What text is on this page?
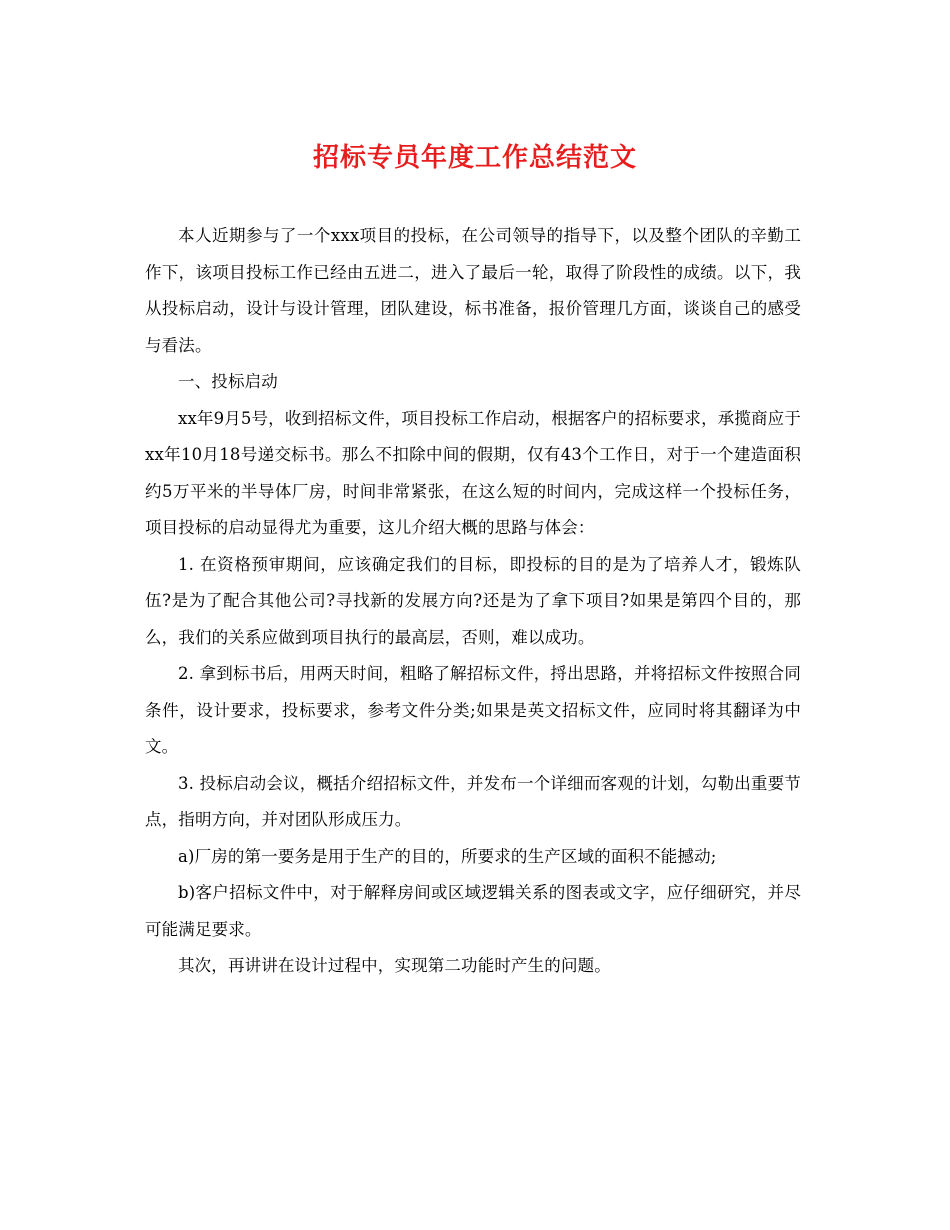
招标专员年度工作总结范文

本人近期参与了一个xxx项目的投标，在公司领导的指导下，以及整个团队的辛勤工作下，该项目投标工作已经由五进二，进入了最后一轮，取得了阶段性的成绩。以下，我从投标启动，设计与设计管理，团队建设，标书准备，报价管理几方面，谈谈自己的感受与看法。

一、投标启动

xx年9月5号，收到招标文件，项目投标工作启动，根据客户的招标要求，承揽商应于xx年10月18号递交标书。那么不扣除中间的假期，仅有43个工作日，对于一个建造面积约5万平米的半导体厂房，时间非常紧张，在这么短的时间内，完成这样一个投标任务，项目投标的启动显得尤为重要，这儿介绍大概的思路与体会：

1. 在资格预审期间，应该确定我们的目标，即投标的目的是为了培养人才，锻炼队伍?是为了配合其他公司?寻找新的发展方向?还是为了拿下项目?如果是第四个目的，那么，我们的关系应做到项目执行的最高层，否则，难以成功。

2. 拿到标书后，用两天时间，粗略了解招标文件，捋出思路，并将招标文件按照合同条件，设计要求，投标要求，参考文件分类;如果是英文招标文件，应同时将其翻译为中文。

3. 投标启动会议，概括介绍招标文件，并发布一个详细而客观的计划，勾勒出重要节点，指明方向，并对团队形成压力。

a)厂房的第一要务是用于生产的目的，所要求的生产区域的面积不能撼动;

b)客户招标文件中，对于解释房间或区域逻辑关系的图表或文字，应仔细研究，并尽可能满足要求。

其次，再讲讲在设计过程中，实现第二功能时产生的问题。
